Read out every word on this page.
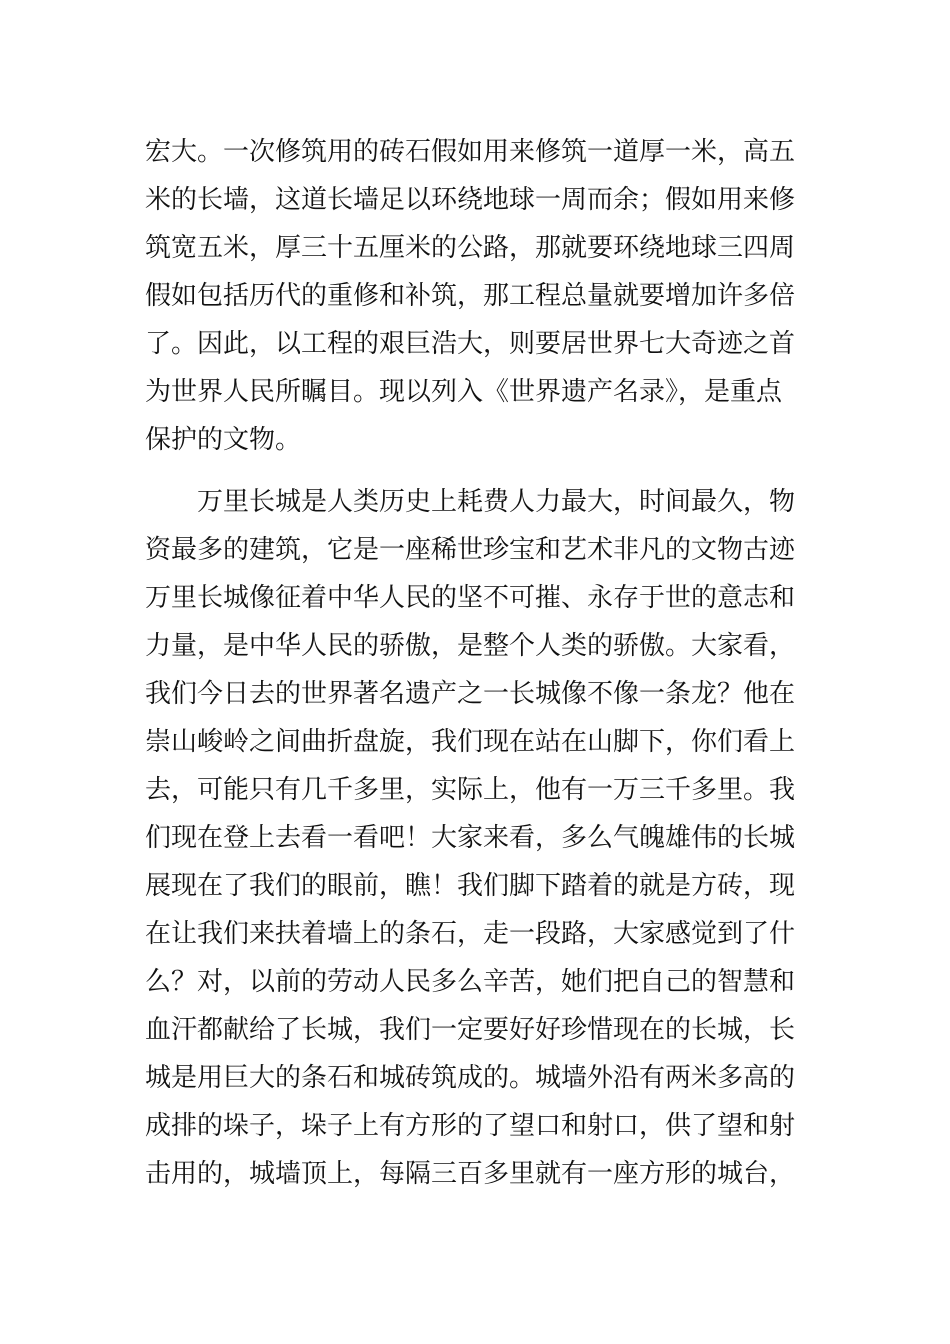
宏大。一次修筑用的砖石假如用来修筑一道厚一米，高五
米的长墙，这道长墙足以环绕地球一周而余；假如用来修
筑宽五米，厚三十五厘米的公路，那就要环绕地球三四周
假如包括历代的重修和补筑，那工程总量就要增加许多倍
了。因此，以工程的艰巨浩大，则要居世界七大奇迹之首
为世界人民所瞩目。现以列入《世界遗产名录》，是重点
保护的文物。
万里长城是人类历史上耗费人力最大，时间最久，物
资最多的建筑，它是一座稀世珍宝和艺术非凡的文物古迹
万里长城像征着中华人民的坚不可摧、永存于世的意志和
力量，是中华人民的骄傲，是整个人类的骄傲。大家看，
我们今日去的世界著名遗产之一长城像不像一条龙？他在
崇山峻岭之间曲折盘旋，我们现在站在山脚下，你们看上
去，可能只有几千多里，实际上，他有一万三千多里。我
们现在登上去看一看吧！大家来看，多么气魄雄伟的长城
展现在了我们的眼前，瞧！我们脚下踏着的就是方砖，现
在让我们来扶着墙上的条石，走一段路，大家感觉到了什
么？对，以前的劳动人民多么辛苦，她们把自己的智慧和
血汗都献给了长城，我们一定要好好珍惜现在的长城，长
城是用巨大的条石和城砖筑成的。城墙外沿有两米多高的
成排的垛子，垛子上有方形的了望口和射口，供了望和射
击用的，城墙顶上，每隔三百多里就有一座方形的城台，
